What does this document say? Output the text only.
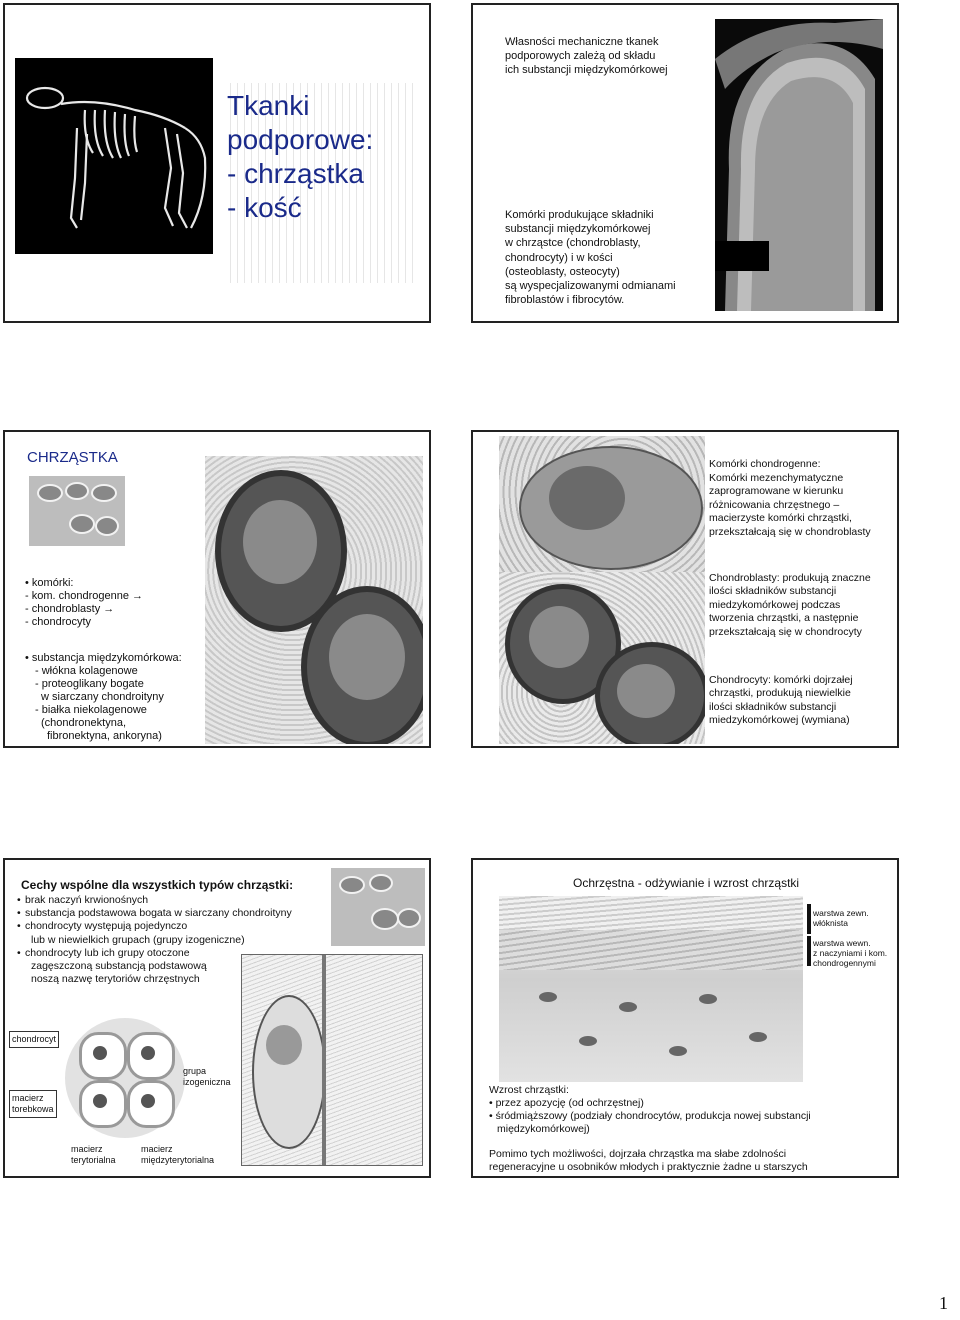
Tkanki
podporowe:
- chrząstka
- kość
Własności mechaniczne tkanek
podporowych zależą od składu
ich substancji międzykomórkowej
Komórki produkujące składniki
substancji międzykomórkowej
w chrząstce (chondroblasty,
chondrocyty) i w kości
(osteoblasty, osteocyty)
są wyspecjalizowanymi odmianami
fibroblastów i fibrocytów.
CHRZĄSTKA
• komórki:
- kom. chondrogenne →
- chondroblasty →
- chondrocyty
• substancja międzykomórkowa:
- włókna kolagenowe
- proteoglikany bogate
w siarczany chondroityny
- białka niekolagenowe
(chondronektyna,
fibronektyna, ankoryna)
Komórki chondrogenne:
Komórki mezenchymatyczne
zaprogramowane w kierunku
różnicowania chrzęstnego –
macierzyste komórki chrząstki,
przekształcają się w chondroblasty
Chondroblasty: produkują znaczne
ilości składników substancji
miedzykomórkowej podczas
tworzenia chrząstki, a następnie
przekształcają się w chondrocyty
Chondrocyty: komórki dojrzałej
chrząstki, produkują niewielkie
ilości składników substancji
miedzykomórkowej (wymiana)
Cechy wspólne dla wszystkich typów chrząstki:
• brak naczyń krwionośnych
• substancja podstawowa bogata w siarczany chondroityny
• chondrocyty występują pojedynczo
lub w niewielkich grupach (grupy izogeniczne)
• chondrocyty lub ich grupy otoczone
zagęszczoną substancją podstawową
noszą nazwę terytoriów chrzęstnych
chondrocyt
macierz
torebkowa
grupa
izogeniczna
macierz
terytorialna
macierz
międzyterytorialna
Ochrzęstna - odżywianie i wzrost chrząstki
warstwa zewn.
włóknista
warstwa wewn.
z naczyniami i kom.
chondrogennymi
Wzrost chrząstki:
• przez apozycję (od ochrzęstnej)
• śródmiąższowy (podziały chondrocytów, produkcja nowej substancji
międzykomórkowej)
Pomimo tych możliwości, dojrzała chrząstka ma słabe zdolności
regeneracyjne u osobników młodych i praktycznie żadne u starszych
1
